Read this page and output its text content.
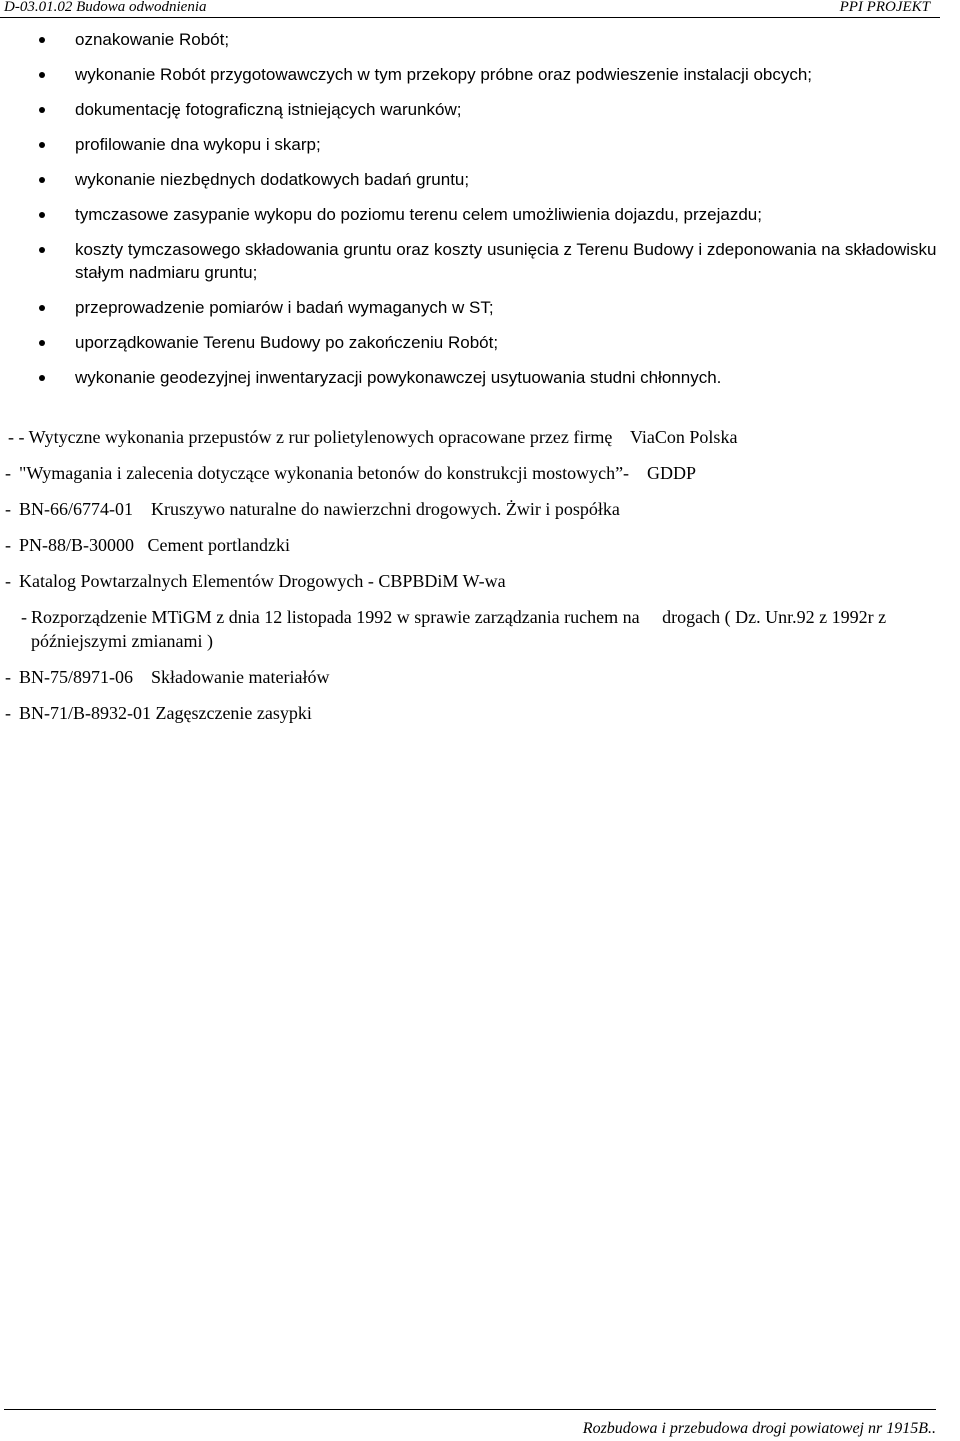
D-03.01.02 Budowa odwodnienia	PPI PROJEKT
oznakowanie Robót;
wykonanie Robót przygotowawczych w tym przekopy próbne oraz podwieszenie instalacji obcych;
dokumentację fotograficzną istniejących warunków;
profilowanie dna wykopu i skarp;
wykonanie niezbędnych dodatkowych badań gruntu;
tymczasowe zasypanie wykopu do poziomu terenu celem umożliwienia dojazdu, przejazdu;
koszty tymczasowego składowania gruntu oraz koszty usunięcia z Terenu Budowy i zdeponowania na składowisku stałym nadmiaru gruntu;
przeprowadzenie pomiarów i badań wymaganych w ST;
uporządkowanie Terenu Budowy po zakończeniu Robót;
wykonanie geodezyjnej inwentaryzacji powykonawczej usytuowania studni chłonnych.
- - Wytyczne wykonania przepustów z rur polietylenowych opracowane przez firmę    ViaCon Polska
- "Wymagania i zalecenia dotyczące wykonania betonów do konstrukcji mostowych”-    GDDP
- BN-66/6774-01    Kruszywo naturalne do nawierzchni drogowych. Żwir i pospółka
- PN-88/B-30000   Cement portlandzki
- Katalog Powtarzalnych Elementów Drogowych - CBPBDiM W-wa
- Rozporządzenie MTiGM z dnia 12 listopada 1992 w sprawie zarządzania ruchem na     drogach ( Dz. Unr.92 z 1992r z późniejszymi zmianami )
- BN-75/8971-06    Składowanie materiałów
- BN-71/B-8932-01 Zagęszczenie zasypki
Rozbudowa i przebudowa drogi powiatowej nr 1915B..
